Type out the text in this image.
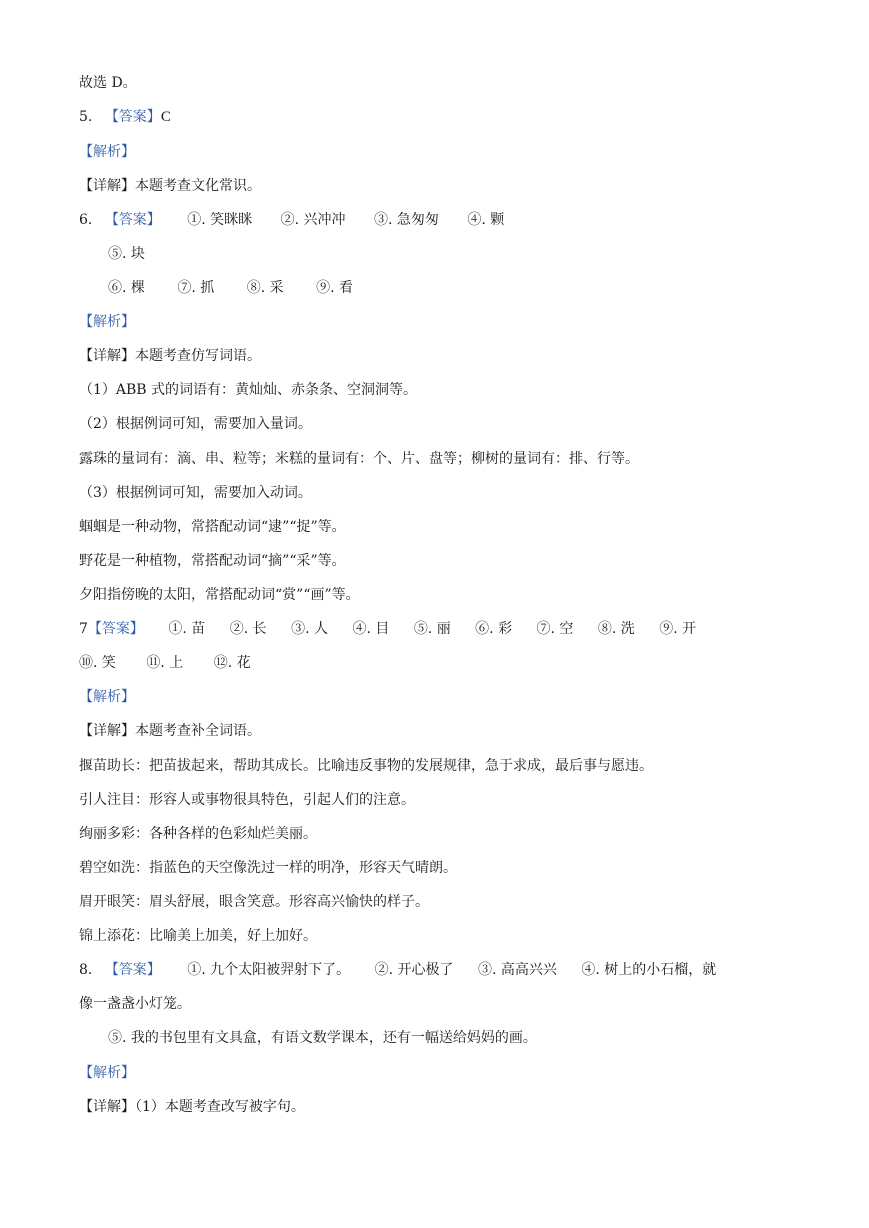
故选 D。
5. 【答案】C
【解析】
【详解】本题考查文化常识。
6. 【答案】 ①. 笑眯眯 ②. 兴冲冲 ③. 急匆匆 ④. 颗
⑤. 块
⑥. 棵 ⑦. 抓 ⑧. 采 ⑨. 看
【解析】
【详解】本题考查仿写词语。
（1）ABB 式的词语有：黄灿灿、赤条条、空洞洞等。
（2）根据例词可知，需要加入量词。
露珠的量词有：滴、串、粒等；米糕的量词有：个、片、盘等；柳树的量词有：排、行等。
（3）根据例词可知，需要加入动词。
蝈蝈是一种动物，常搭配动词“逮”“捉”等。
野花是一种植物，常搭配动词“摘”“采”等。
夕阳指傍晚的太阳，常搭配动词“赏”“画”等。
7【答案】 ①. 苗 ②. 长 ③. 人 ④. 目 ⑤. 丽 ⑥. 彩 ⑦. 空 ⑧. 洗 ⑨. 开
⑩. 笑 ⑪. 上 ⑫. 花
【解析】
【详解】本题考查补全词语。
揠苗助长：把苗拔起来，帮助其成长。比喻违反事物的发展规律，急于求成，最后事与愿违。
引人注目：形容人或事物很具特色，引起人们的注意。
绚丽多彩：各种各样的色彩灿烂美丽。
碧空如洗：指蓝色的天空像洗过一样的明净，形容天气晴朗。
眉开眼笑：眉头舒展，眼含笑意。形容高兴愉快的样子。
锦上添花：比喻美上加美，好上加好。
8. 【答案】 ①. 九个太阳被羿射下了。 ②. 开心极了 ③. 高高兴兴 ④. 树上的小石榴，就
像一盏盏小灯笼。
⑤. 我的书包里有文具盒，有语文数学课本，还有一幅送给妈妈的画。
【解析】
【详解】（1）本题考查改写被字句。
